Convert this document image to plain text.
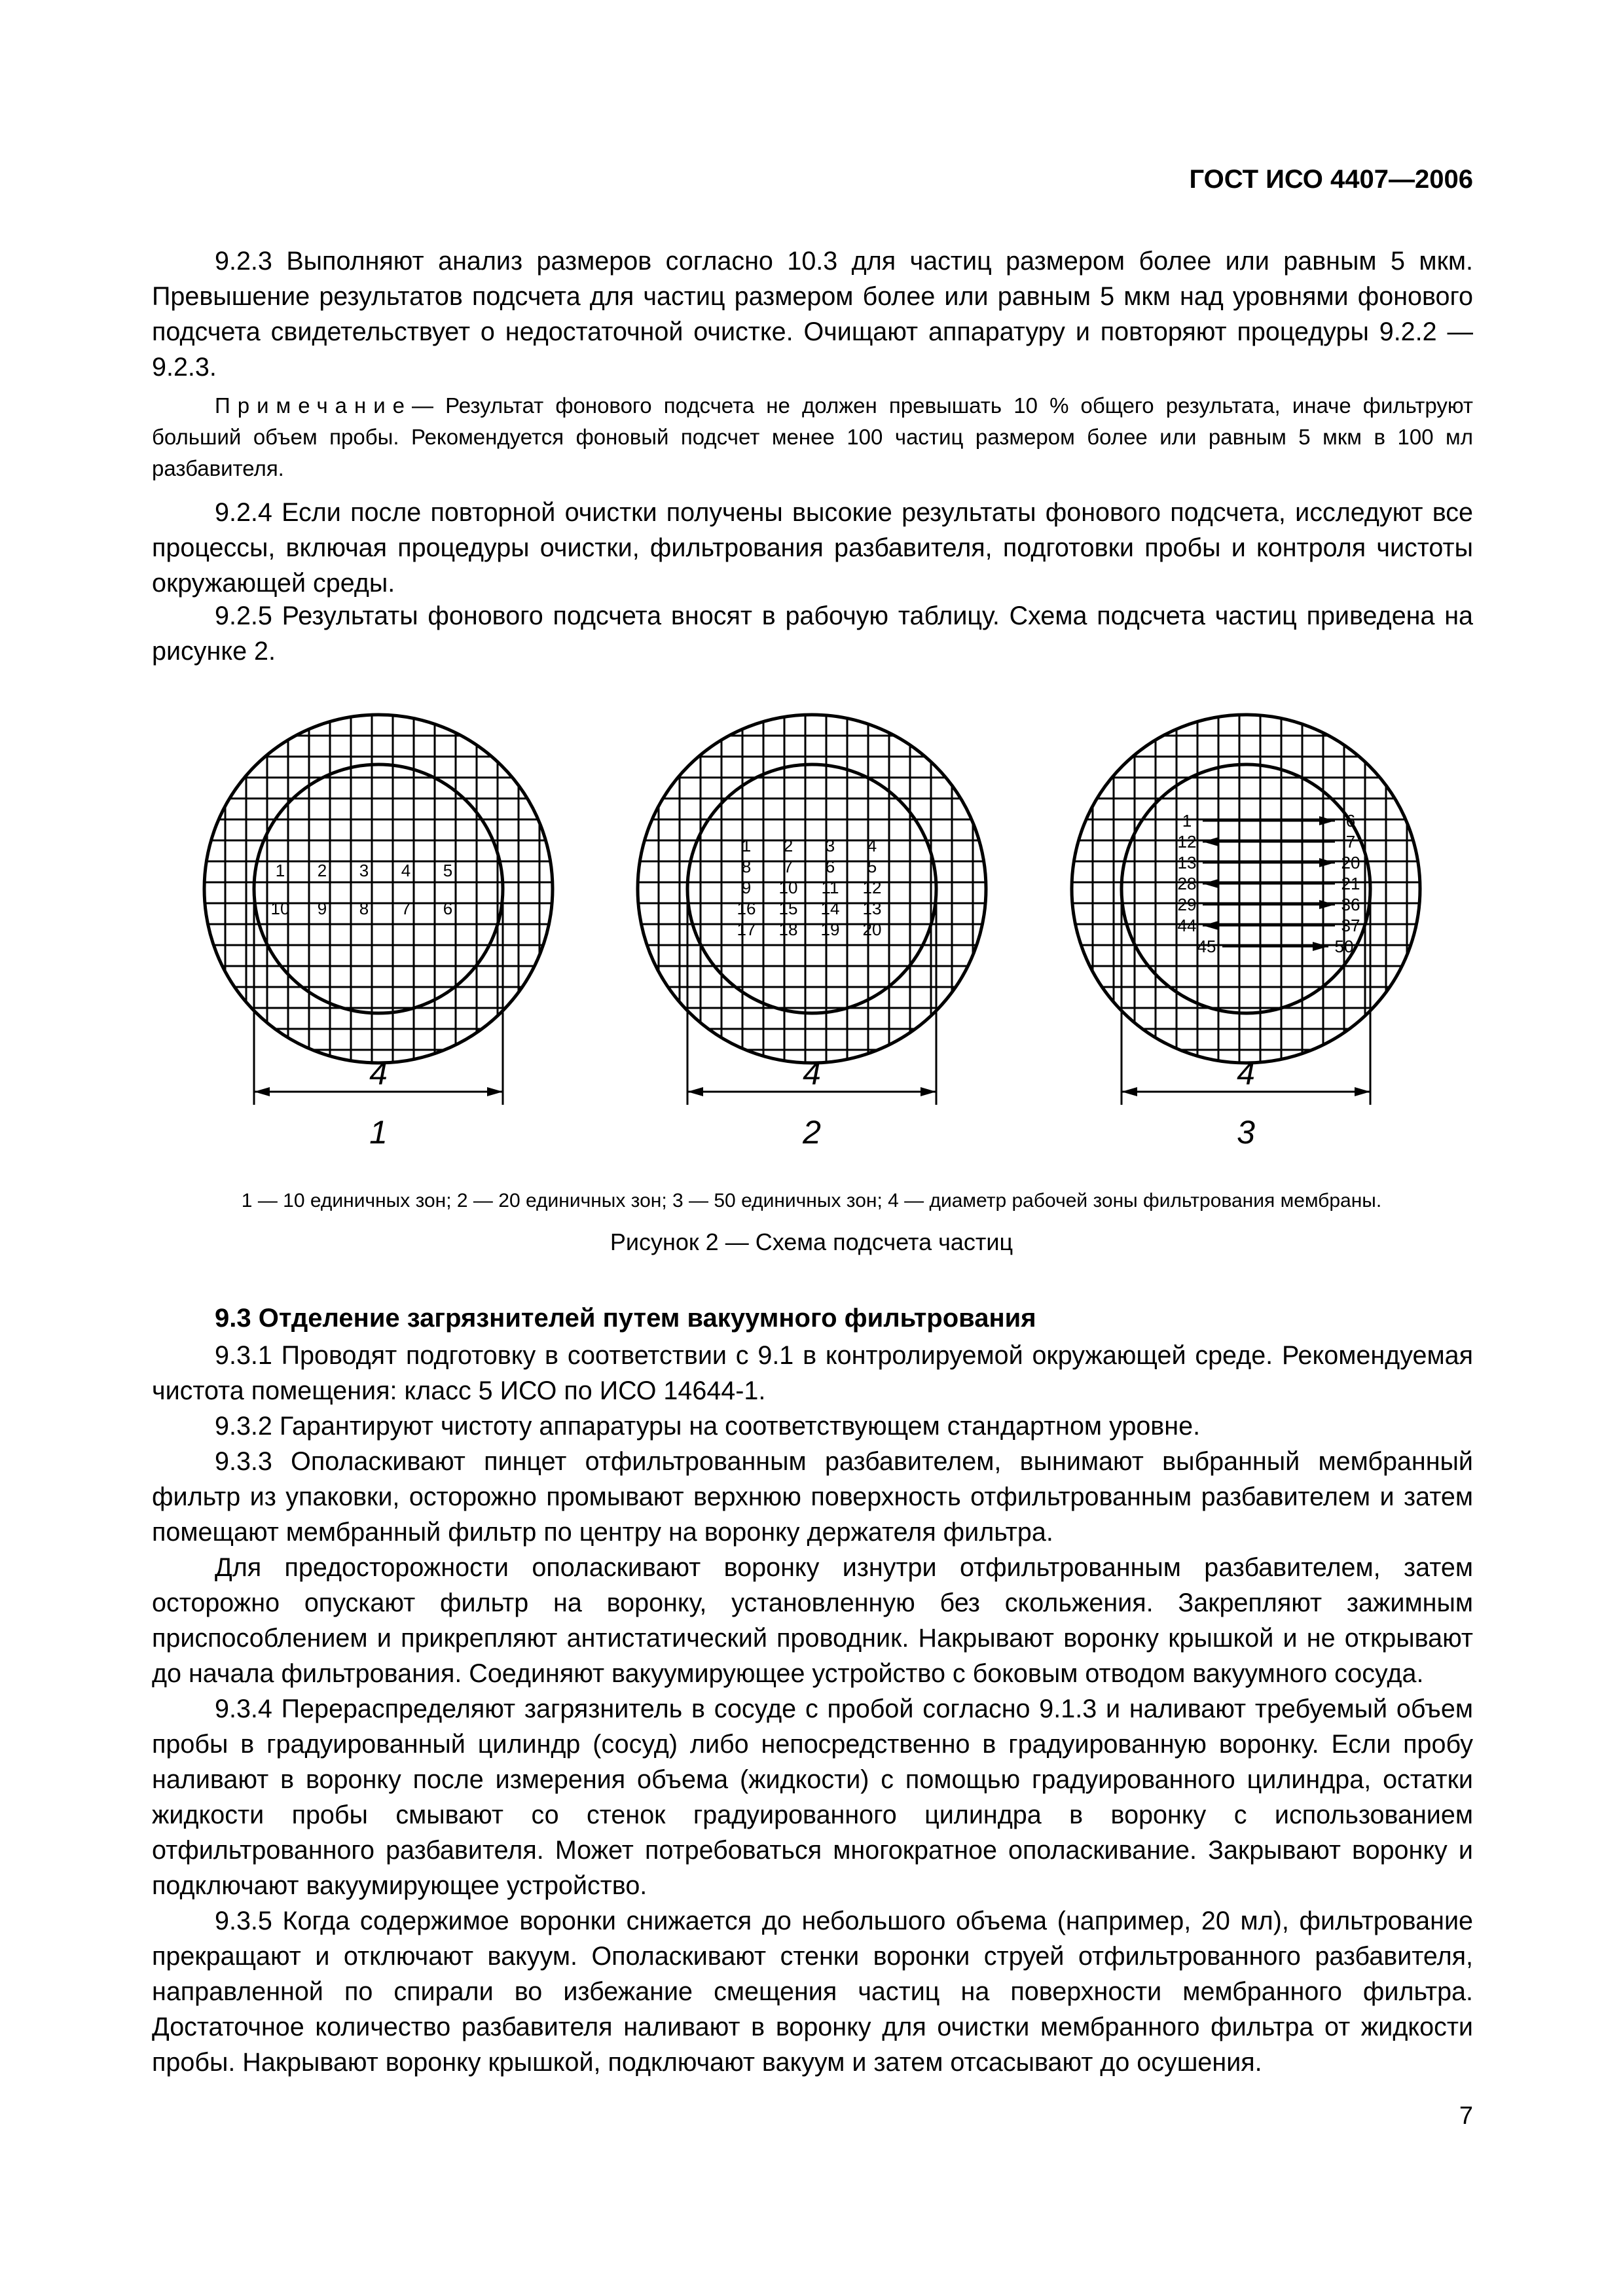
ГОСТ ИСО 4407—2006

9.2.3 Выполняют анализ размеров согласно 10.3 для частиц размером более или равным 5 мкм. Превышение результатов подсчета для частиц размером более или равным 5 мкм над уровнями фонового подсчета свидетельствует о недостаточной очистке. Очищают аппаратуру и повторяют процедуры 9.2.2 — 9.2.3.

Примечание— Результат фонового подсчета не должен превышать 10 % общего результата, иначе фильтруют больший объем пробы. Рекомендуется фоновый подсчет менее 100 частиц размером более или равным 5 мкм в 100 мл разбавителя.

9.2.4 Если после повторной очистки получены высокие результаты фонового подсчета, исследуют все процессы, включая процедуры очистки, фильтрования разбавителя, подготовки пробы и контроля чистоты окружающей среды.

9.2.5 Результаты фонового подсчета вносят в рабочую таблицу. Схема подсчета частиц приведена на рисунке 2.

4
1
1 2 3 4 5
10 9 8 7 6
4
2
1 2 3 4
8 7 6 5
9 10 11 12
16 15 14 13
17 18 19 20
4
3
1	6
12	7
13	20
28	21
29	36
44	37
45	50
1 — 10 единичных зон; 2 — 20 единичных зон; 3 — 50 единичных зон; 4 — диаметр рабочей зоны фильтрования мембраны.
Рисунок 2 — Схема подсчета частиц
9.3 Отделение загрязнителей путем вакуумного фильтрования

9.3.1 Проводят подготовку в соответствии с 9.1 в контролируемой окружающей среде. Рекомендуемая чистота помещения: класс 5 ИСО по ИСО 14644-1.

9.3.2 Гарантируют чистоту аппаратуры на соответствующем стандартном уровне.

9.3.3 Ополаскивают пинцет отфильтрованным разбавителем, вынимают выбранный мембранный фильтр из упаковки, осторожно промывают верхнюю поверхность отфильтрованным разбавителем и затем помещают мембранный фильтр по центру на воронку держателя фильтра.

Для предосторожности ополаскивают воронку изнутри отфильтрованным разбавителем, затем осторожно опускают фильтр на воронку, установленную без скольжения. Закрепляют зажимным приспособлением и прикрепляют антистатический проводник. Накрывают воронку крышкой и не открывают до начала фильтрования. Соединяют вакуумирующее устройство с боковым отводом вакуумного сосуда.

9.3.4 Перераспределяют загрязнитель в сосуде с пробой согласно 9.1.3 и наливают требуемый объем пробы в градуированный цилиндр (сосуд) либо непосредственно в градуированную воронку. Если пробу наливают в воронку после измерения объема (жидкости) с помощью градуированного цилиндра, остатки жидкости пробы смывают со стенок градуированного цилиндра в воронку с использованием отфильтрованного разбавителя. Может потребоваться многократное ополаскивание. Закрывают воронку и подключают вакуумирующее устройство.

9.3.5 Когда содержимое воронки снижается до небольшого объема (например, 20 мл), фильтрование прекращают и отключают вакуум. Ополаскивают стенки воронки струей отфильтрованного разбавителя, направленной по спирали во избежание смещения частиц на поверхности мембранного фильтра. Достаточное количество разбавителя наливают в воронку для очистки мембранного фильтра от жидкости пробы. Накрывают воронку крышкой, подключают вакуум и затем отсасывают до осушения.

7
